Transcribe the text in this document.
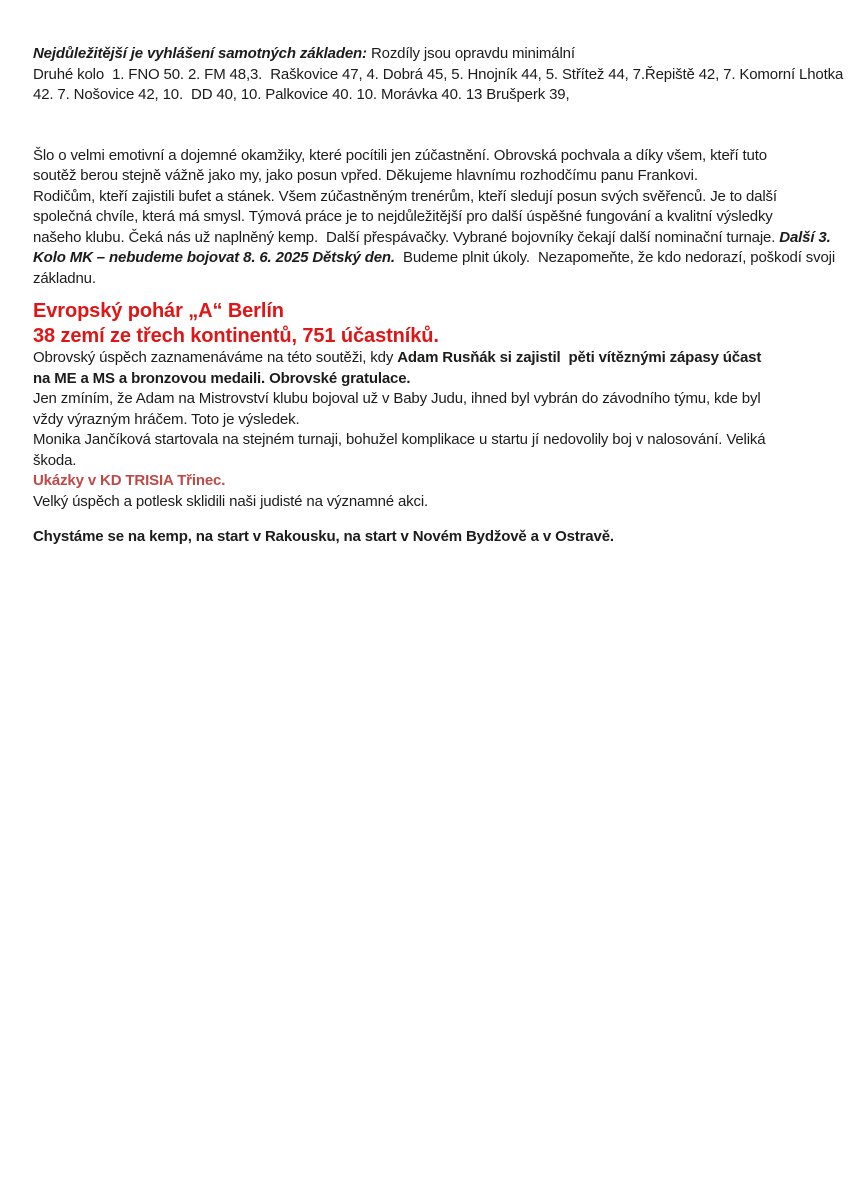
Nejdůležitější je vyhlášení samotných základen: Rozdíly jsou opravdu minimální

Druhé kolo  1. FNO 50. 2. FM 48,3.  Raškovice 47, 4. Dobrá 45, 5. Hnojník 44, 5. Střítež 44, 7.Řepiště 42, 7. Komorní Lhotka

42. 7. Nošovice 42, 10.  DD 40, 10. Palkovice 40. 10. Morávka 40. 13 Brušperk 39,

Šlo o velmi emotivní a dojemné okamžiky, které pocítili jen zúčastnění. Obrovská pochvala a díky všem, kteří tuto

soutěž berou stejně vážně jako my, jako posun vpřed. Děkujeme hlavnímu rozhodčímu panu Frankovi.

Rodičům, kteří zajistili bufet a stánek. Všem zúčastněným trenérům, kteří sledují posun svých svěřenců. Je to další

společná chvíle, která má smysl. Týmová práce je to nejdůležitější pro další úspěšné fungování a kvalitní výsledky

našeho klubu. Čeká nás už naplněný kemp.  Další přespávačky. Vybrané bojovníky čekají další nominační turnaje. Další 3.

Kolo MK – nebudeme bojovat 8. 6. 2025 Dětský den.  Budeme plnit úkoly.  Nezapomeňte, že kdo nedorazí, poškodí svoji

základnu.

Evropský pohár „A“ Berlín

38 zemí ze třech kontinentů, 751 účastníků.

Obrovský úspěch zaznamenáváme na této soutěži, kdy Adam Rusňák si zajistil  pěti vítěznými zápasy účast

na ME a MS a bronzovou medaili. Obrovské gratulace.

Jen zmíním, že Adam na Mistrovství klubu bojoval už v Baby Judu, ihned byl vybrán do závodního týmu, kde byl

vždy výrazným hráčem. Toto je výsledek.

Monika Jančíková startovala na stejném turnaji, bohužel komplikace u startu jí nedovolily boj v nalosování. Veliká

škoda.

Ukázky v KD TRISIA Třinec.

Velký úspěch a potlesk sklidili naši judisté na významné akci.

Chystáme se na kemp, na start v Rakousku, na start v Novém Bydžově a v Ostravě.
